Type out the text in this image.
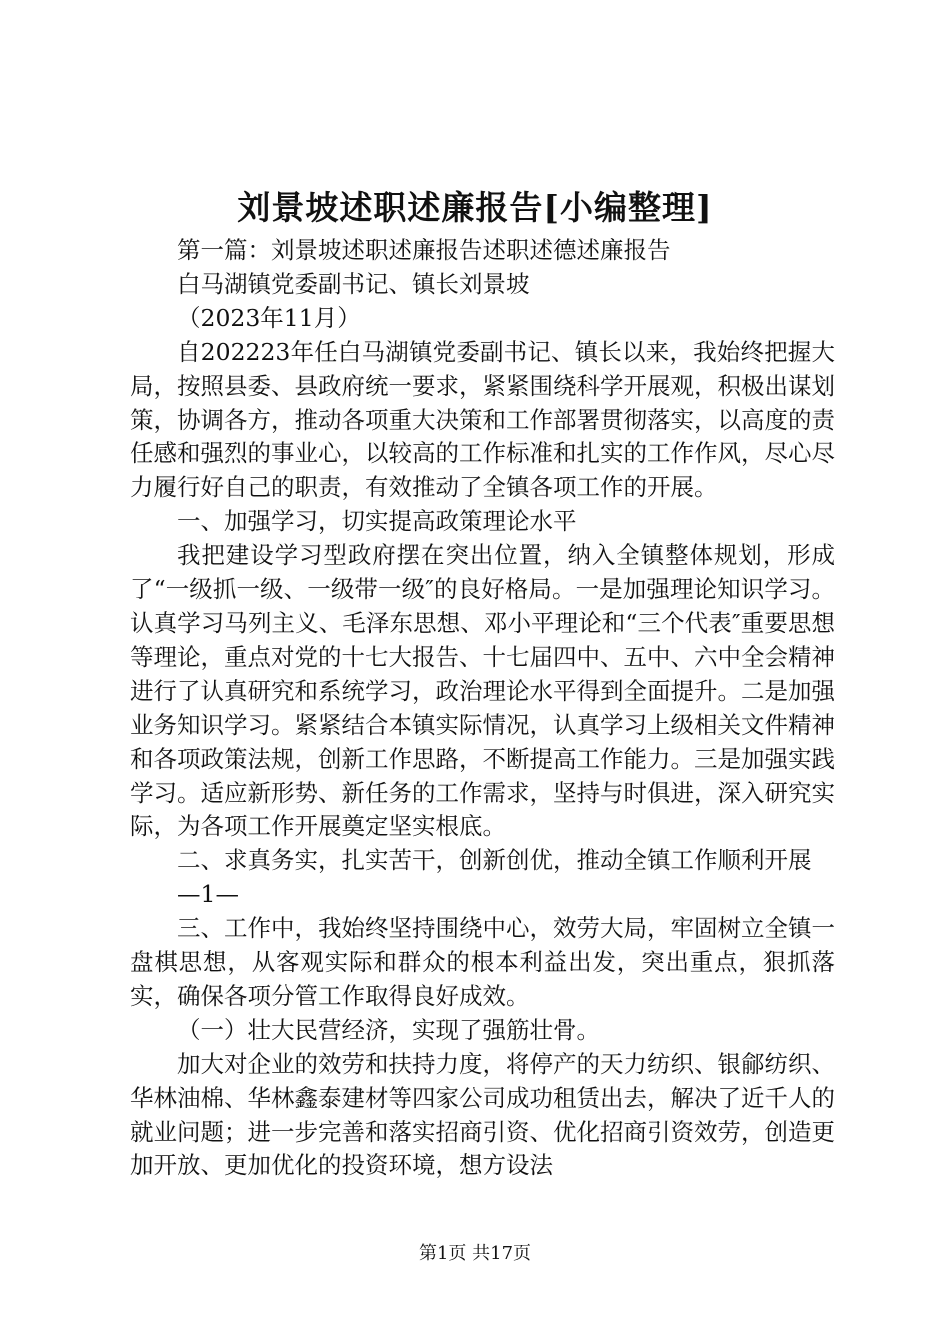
刘景坡述职述廉报告[小编整理]

第一篇：刘景坡述职述廉报告述职述德述廉报告

白马湖镇党委副书记、镇长刘景坡

（2023年11月）

自202223年任白马湖镇党委副书记、镇长以来，我始终把握大局，按照县委、县政府统一要求，紧紧围绕科学开展观，积极出谋划策，协调各方，推动各项重大决策和工作部署贯彻落实，以高度的责任感和强烈的事业心，以较高的工作标准和扎实的工作作风，尽心尽力履行好自己的职责，有效推动了全镇各项工作的开展。

一、加强学习，切实提高政策理论水平

我把建设学习型政府摆在突出位置，纳入全镇整体规划，形成了“一级抓一级、一级带一级″的良好格局。一是加强理论知识学习。认真学习马列主义、毛泽东思想、邓小平理论和“三个代表″重要思想等理论，重点对党的十七大报告、十七届四中、五中、六中全会精神进行了认真研究和系统学习，政治理论水平得到全面提升。二是加强业务知识学习。紧紧结合本镇实际情况，认真学习上级相关文件精神和各项政策法规，创新工作思路，不断提高工作能力。三是加强实践学习。适应新形势、新任务的工作需求，坚持与时俱进，深入研究实际，为各项工作开展奠定坚实根底。

二、求真务实，扎实苦干，创新创优，推动全镇工作顺利开展

—1—

三、工作中，我始终坚持围绕中心，效劳大局，牢固树立全镇一盘棋思想，从客观实际和群众的根本利益出发，突出重点，狠抓落实，确保各项分管工作取得良好成效。

（一）壮大民营经济，实现了强筋壮骨。

加大对企业的效劳和扶持力度，将停产的天力纺织、银鄃纺织、华林油棉、华林鑫泰建材等四家公司成功租赁出去，解决了近千人的就业问题；进一步完善和落实招商引资、优化招商引资效劳，创造更加开放、更加优化的投资环境，想方设法

第1页 共17页
